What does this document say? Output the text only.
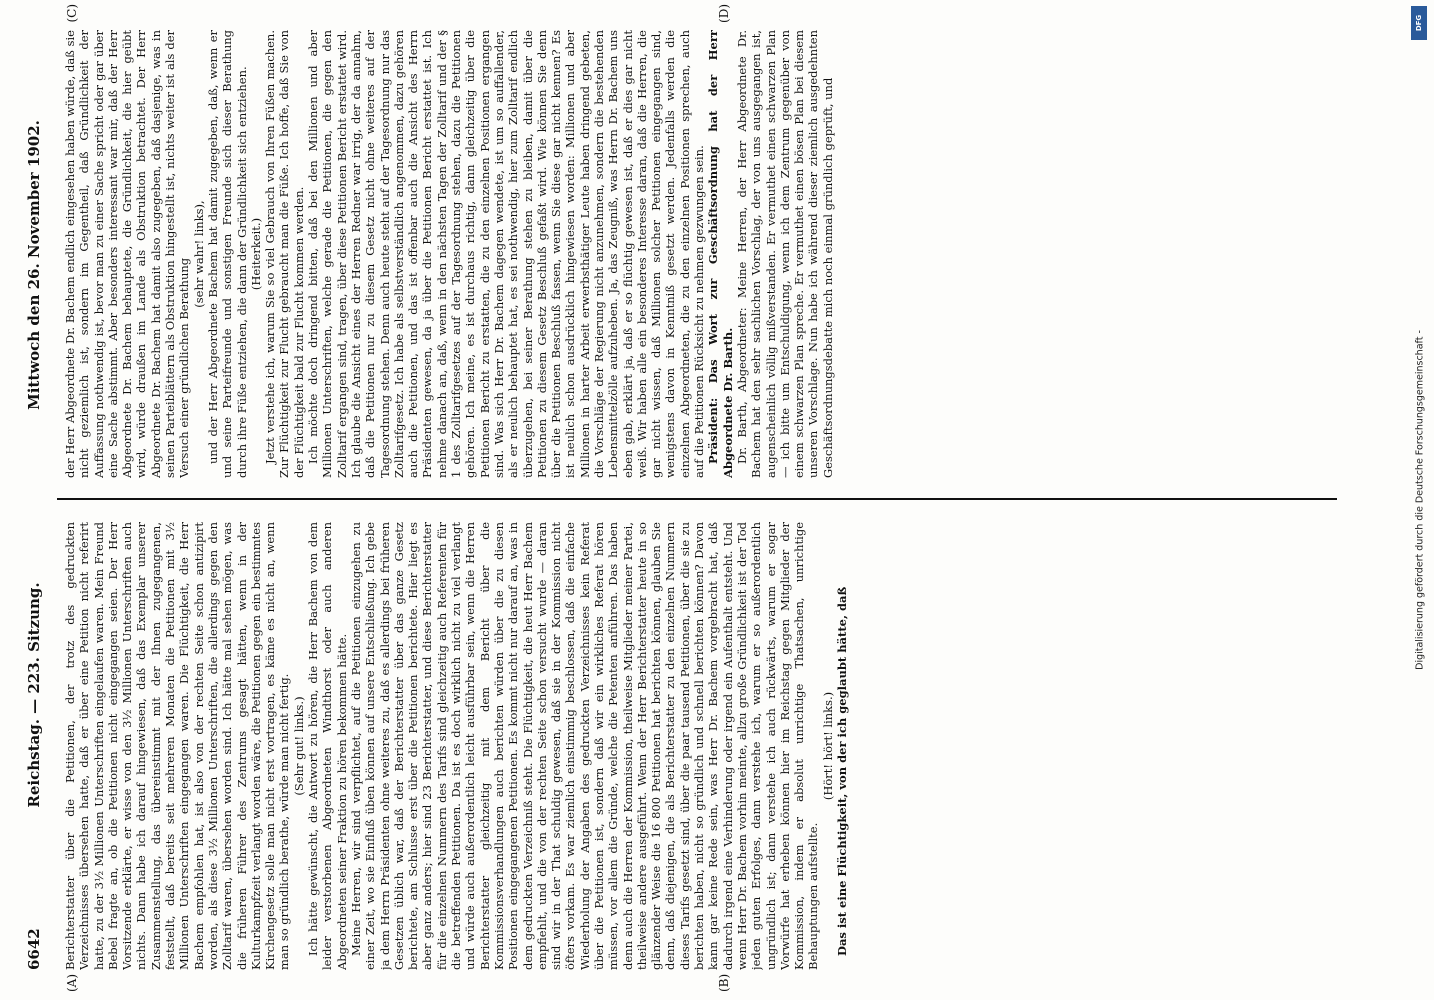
6642
Reichstag. — 223. Sitzung.
Mittwoch den 26. November 1902.

Berichterstatter über die Petitionen, der trotz des gedruckten Verzeichnisses übersehen hatte, daß er über eine Petition nicht referirt hatte, zu der 3½ Millionen Unterschriften eingelaufen waren. Mein Freund Bebel fragte an, ob die Petitionen nicht eingegangen seien. Der Herr Vorsitzende erklärte, er wisse von den 3½ Millionen Unterschriften auch nichts. Dann habe ich darauf hingewiesen, daß das Exemplar unserer Zusammenstellung, das übereinstimmt mit der Ihnen zugegangenen, feststellt, daß bereits seit mehreren Monaten die Petitionen mit 3½ Millionen Unterschriften eingegangen waren. Die Flüchtigkeit, die Herr Bachem empfohlen hat, ist also von der rechten Seite schon antizipirt worden, als diese 3½ Millionen Unterschriften, die allerdings gegen den Zolltarif waren, übersehen worden sind. Ich hätte mal sehen mögen, was die früheren Führer des Zentrums gesagt hätten, wenn in der Kulturkampfzeit verlangt worden wäre, die Petitionen gegen ein bestimmtes Kirchengesetz solle man nicht erst vortragen, es käme es nicht an, wenn man so gründlich berathe, würde man nicht fertig. (Sehr gut! links.) Ich hätte gewünscht, die Antwort zu hören, die Herr Bachem von dem leider verstorbenen Abgeordneten Windthorst oder auch anderen Abgeordneten seiner Fraktion zu hören bekommen hätte. Meine Herren, wir sind verpflichtet, auf die Petitionen einzugehen zu einer Zeit, wo sie Einfluß üben können auf unsere Entschließung. Ich gebe ja dem Herrn Präsidenten ohne weiteres zu, daß es allerdings bei früheren Gesetzen üblich war, daß der Berichterstatter über das ganze Gesetz berichtete, am Schlusse erst über die Petitionen berichtete. Hier liegt es aber ganz anders; hier sind 23 Berichterstatter, und diese Berichterstatter für die einzelnen Nummern des Tarifs sind gleichzeitig auch Referenten für die betreffenden Petitionen. Da ist es doch wirklich nicht zu viel verlangt und würde auch außerordentlich leicht ausführbar sein, wenn die Herren Berichterstatter gleichzeitig mit dem Bericht über die Kommissionsverhandlungen auch berichten würden über die zu diesen Positionen eingegangenen Petitionen. Es kommt nicht nur darauf an, was in dem gedruckten Verzeichniß steht. Die Flüchtigkeit, die heut Herr Bachem empfiehlt, und die von der rechten Seite schon versucht wurde — daran sind wir in der That schuldig gewesen, daß sie in der Kommission nicht öfters vorkam. Es war ziemlich einstimmig beschlossen, daß die einfache Wiederholung der Angaben des gedruckten Verzeichnisses kein Referat über die Petitionen ist, sondern daß wir ein wirkliches Referat hören müssen, vor allem die Gründe, welche die Petenten anführen. Das haben denn auch die Herren der Kommission, theilweise Mitglieder meiner Partei, theilweise andere ausgeführt. Wenn der Herr Berichterstatter heute in so glänzender Weise die 16 800 Petitionen hat berichten können, glauben Sie denn, daß diejenigen, die als Berichterstatter zu den einzelnen Nummern dieses Tarifs gesetzt sind, über die paar tausend Petitionen, über die sie zu berichten haben, nicht so gründlich und schnell berichten können? Davon kann gar keine Rede sein, was Herr Dr. Bachem vorgebracht hat, daß dadurch irgend eine Verhinderung oder irgend ein Aufenthalt entsteht. Und wenn Herr Dr. Bachem vorhin meinte, allzu große Gründlichkeit ist der Tod jeden guten Erfolges, dann verstehe ich, warum er so außerordentlich ungründlich ist; dann verstehe ich auch rückwärts, warum er sogar Vorwürfe hat erheben können hier im Reichstag gegen Mitglieder der Kommission, indem er absolut unrichtige Thatsachen, unrichtige Behauptungen aufstellte.

(Hört! hört! links.) Das ist eine Flüchtigkeit, von der ich geglaubt hätte, daß

der Herr Abgeordnete Dr. Bachem endlich eingesehen haben würde, daß sie nicht geziemlich ist, sondern im Gegentheil, daß Gründlichkeit der Auffassung nothwendig ist, bevor man zu einer Sache spricht oder gar über eine Sache abstimmt. Aber besonders interessant war mir, daß der Herr Abgeordnete Dr. Bachem behauptete, die Gründlichkeit, die hier geübt wird, würde draußen im Lande als Obstruktion betrachtet. Der Herr Abgeordnete Dr. Bachem hat damit also zugegeben, daß dasjenige, was in seinen Parteiblättern als Obstruktion hingestellt ist, nichts weiter ist als der Versuch einer gründlichen Berathung

(sehr wahr! links), und der Herr Abgeordnete Bachem hat damit zugegeben, daß, wenn er und seine Parteifreunde und sonstigen Freunde sich dieser Berathung durch ihre Füße entziehen, die dann der Gründlichkeit sich entziehen. (Heiterkeit.) Jetzt verstehe ich, warum Sie so viel Gebrauch von Ihren Füßen machen. Zur Flüchtigkeit zur Flucht gebraucht man die Füße. Ich hoffe, daß Sie von der Flüchtigkeit bald zur Flucht kommen werden. Ich möchte doch dringend bitten, daß bei den Millionen und aber Millionen Unterschriften, welche gerade die Petitionen, die gegen den Zolltarif ergangen sind, tragen, über diese Petitionen Bericht erstattet wird. Ich glaube die Ansicht eines der Herren Redner war irrig, der da annahm, daß die Petitionen nur zu diesem Gesetz nicht ohne weiteres auf der Tagesordnung stehen. Denn auch heute steht auf der Tagesordnung nur das Zolltarifgesetz. Ich habe als selbstverständlich angenommen, dazu gehören auch die Petitionen, und das ist offenbar auch die Ansicht des Herrn Präsidenten gewesen, da ja über die Petitionen Bericht erstattet ist. Ich nehme danach an, daß, wenn in den nächsten Tagen der Zolltarif und der § 1 des Zolltarifgesetzes auf der Tagesordnung stehen, dazu die Petitionen gehören. Ich meine, es ist durchaus richtig, dann gleichzeitig über die Petitionen Bericht zu erstatten, die zu den einzelnen Positionen ergangen sind. Was sich Herr Dr. Bachem dagegen wendete, ist um so auffallender, als er neulich behauptet hat, es sei nothwendig, hier zum Zolltarif endlich überzugehen, bei seiner Berathung stehen zu bleiben, damit über die Petitionen zu diesem Gesetz Beschluß gefaßt wird. Wie können Sie denn über die Petitionen Beschluß fassen, wenn Sie diese gar nicht kennen? Es ist neulich schon ausdrücklich hingewiesen worden: Millionen und aber Millionen in harter Arbeit erwerbsthätiger Leute haben dringend gebeten, die Vorschläge der Regierung nicht anzunehmen, sondern die bestehenden Lebensmittelzölle aufzuheben. Ja, das Zeugniß, was Herrn Dr. Bachem uns eben gab, erklärt ja, daß er so flüchtig gewesen ist, daß er dies gar nicht weiß. Wir haben alle ein besonderes Interesse daran, daß die Herren, die gar nicht wissen, daß Millionen solcher Petitionen eingegangen sind, wenigstens davon in Kenntniß gesetzt werden. Jedenfalls werden die einzelnen Abgeordneten, die zu den einzelnen Positionen sprechen, auch auf die Petitionen Rücksicht zu nehmen gezwungen sein. Präsident: Das Wort zur Geschäftsordnung hat der Herr Abgeordnete Dr. Barth. Dr. Barth, Abgeordneter: Meine Herren, der Herr Abgeordnete Dr. Bachem hat den sehr sachlichen Vorschlag, der von uns ausgegangen ist, augenscheinlich völlig mißverstanden. Er vermuthet einen schwarzen Plan — ich bitte um Entschuldigung, wenn ich dem Zentrum gegenüber von einem schwarzen Plan spreche. Er vermuthet einen bösen Plan bei diesem unseren Vorschlage. Nun habe ich während dieser ziemlich ausgedehnten Geschäftsordnungsdebatte mich noch einmal gründlich geprüft, und

(A)	(B)
(C)	(D)
DFG
Digitalisierung gefördert durch die Deutsche Forschungsgemeinschaft -
